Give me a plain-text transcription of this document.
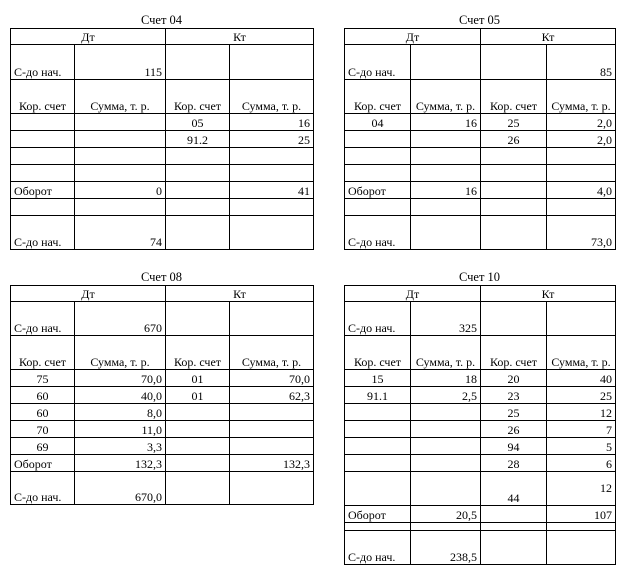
Счет 04
Дт		Кт	
С-до нач.	115		
Кор. счет	Сумма, т. р.	Кор. счет	Сумма, т. р.
		05	16
		91.2	25

Оборот	0		41

С-до нач.	74		
Счет 05
Дт		Кт	
С-до нач.			85
Кор. счет	Сумма, т. р.	Кор. счет	Сумма, т. р.
04	16	25	2,0
		26	2,0

Оборот	16		4,0

С-до нач.			73,0
Счет 08
Дт		Кт	
С-до нач.	670		
Кор. счет	Сумма, т. р.	Кор. счет	Сумма, т. р.
75	70,0	01	70,0
60	40,0	01	62,3
60	8,0		
70	11,0		
69	3,3		
Оборот	132,3		132,3
С-до нач.	670,0		
Счет 10
Дт		Кт	
С-до нач.	325		
Кор. счет	Сумма, т. р.	Кор. счет	Сумма, т. р.
15	18	20	40
91.1	2,5	23	25
		25	12
		26	7
		94	5
		28	6
		44	12
Оборот	20,5		107

С-до нач.	238,5		
